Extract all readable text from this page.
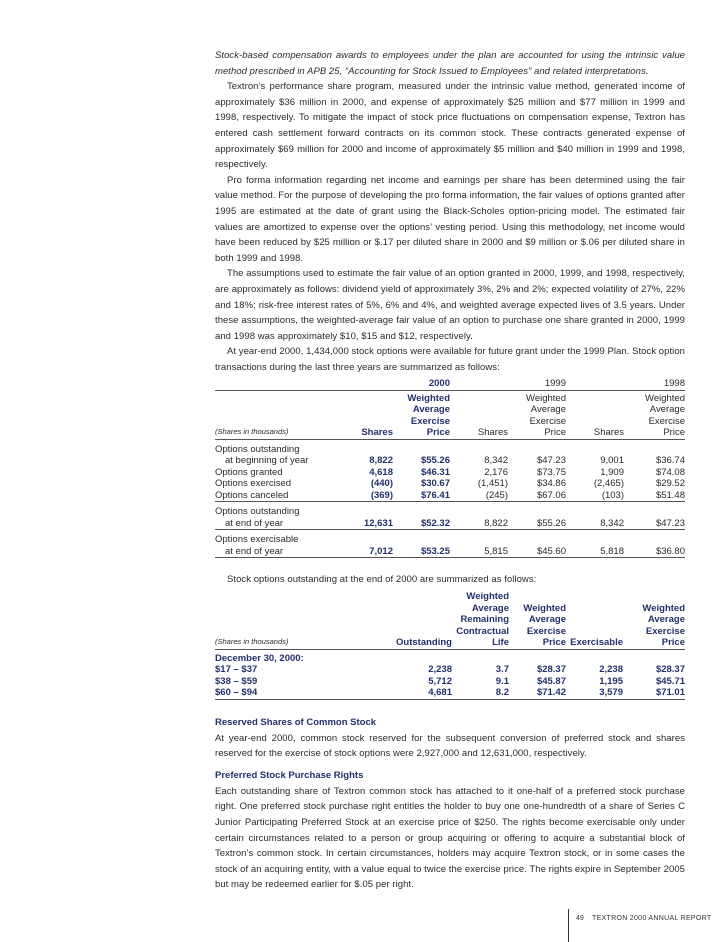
Stock-based compensation awards to employees under the plan are accounted for using the intrinsic value method prescribed in APB 25, “Accounting for Stock Issued to Employees” and related interpretations.

Textron’s performance share program, measured under the intrinsic value method, generated income of approximately $36 million in 2000, and expense of approximately $25 million and $77 million in 1999 and 1998, respectively. To mitigate the impact of stock price fluctuations on compensation expense, Textron has entered cash settlement forward contracts on its common stock. These contracts generated expense of approximately $69 million for 2000 and income of approximately $5 million and $40 million in 1999 and 1998, respectively.

Pro forma information regarding net income and earnings per share has been determined using the fair value method. For the purpose of developing the pro forma information, the fair values of options granted after 1995 are estimated at the date of grant using the Black-Scholes option-pricing model. The estimated fair values are amortized to expense over the options’ vesting period. Using this methodology, net income would have been reduced by $25 million or $.17 per diluted share in 2000 and $9 million or $.06 per diluted share in both 1999 and 1998.

The assumptions used to estimate the fair value of an option granted in 2000, 1999, and 1998, respectively, are approximately as follows: dividend yield of approximately 3%, 2% and 2%; expected volatility of 27%, 22% and 18%; risk-free interest rates of 5%, 6% and 4%, and weighted average expected lives of 3.5 years. Under these assumptions, the weighted-average fair value of an option to purchase one share granted in 2000, 1999 and 1998 was approximately $10, $15 and $12, respectively.

At year-end 2000, 1,434,000 stock options were available for future grant under the 1999 Plan. Stock option transactions during the last three years are summarized as follows:

	2000		1999		1998	
(Shares in thousands)	Shares	Weighted
Average
Exercise
Price	Shares	Weighted
Average
Exercise
Price	Shares	Weighted
Average
Exercise
Price
Options outstanding						
at beginning of year	8,822	$55.26	8,342	$47.23	9,001	$36.74
Options granted	4,618	$46.31	2,176	$73.75	1,909	$74.08
Options exercised	(440)	$30.67	(1,451)	$34.86	(2,465)	$29.52
Options canceled	(369)	$76.41	(245)	$67.06	(103)	$51.48
Options outstanding						
at end of year	12,631	$52.32	8,822	$55.26	8,342	$47.23
Options exercisable						
at end of year	7,012	$53.25	5,815	$45.60	5,818	$36.80

Stock options outstanding at the end of 2000 are summarized as follows:

(Shares in thousands)	Outstanding	Weighted
Average
Remaining
Contractual
Life	Weighted
Average
Exercise
Price	Exercisable	Weighted
Average
Exercise
Price
December 30, 2000:					
$17 – $37	2,238	3.7	$28.37	2,238	$28.37
$38 – $59	5,712	9.1	$45.87	1,195	$45.71
$60 – $94	4,681	8.2	$71.42	3,579	$71.01
Reserved Shares of Common Stock

At year-end 2000, common stock reserved for the subsequent conversion of preferred stock and shares reserved for the exercise of stock options were 2,927,000 and 12,631,000, respectively.

Preferred Stock Purchase Rights

Each outstanding share of Textron common stock has attached to it one-half of a preferred stock purchase right. One preferred stock purchase right entitles the holder to buy one one-hundredth of a share of Series C Junior Participating Preferred Stock at an exercise price of $250. The rights become exercisable only under certain circumstances related to a person or group acquiring or offering to acquire a substantial block of Textron’s common stock. In certain circumstances, holders may acquire Textron stock, or in some cases the stock of an acquiring entity, with a value equal to twice the exercise price. The rights expire in September 2005 but may be redeemed earlier for $.05 per right.

49 TEXTRON 2000 ANNUAL REPORT
